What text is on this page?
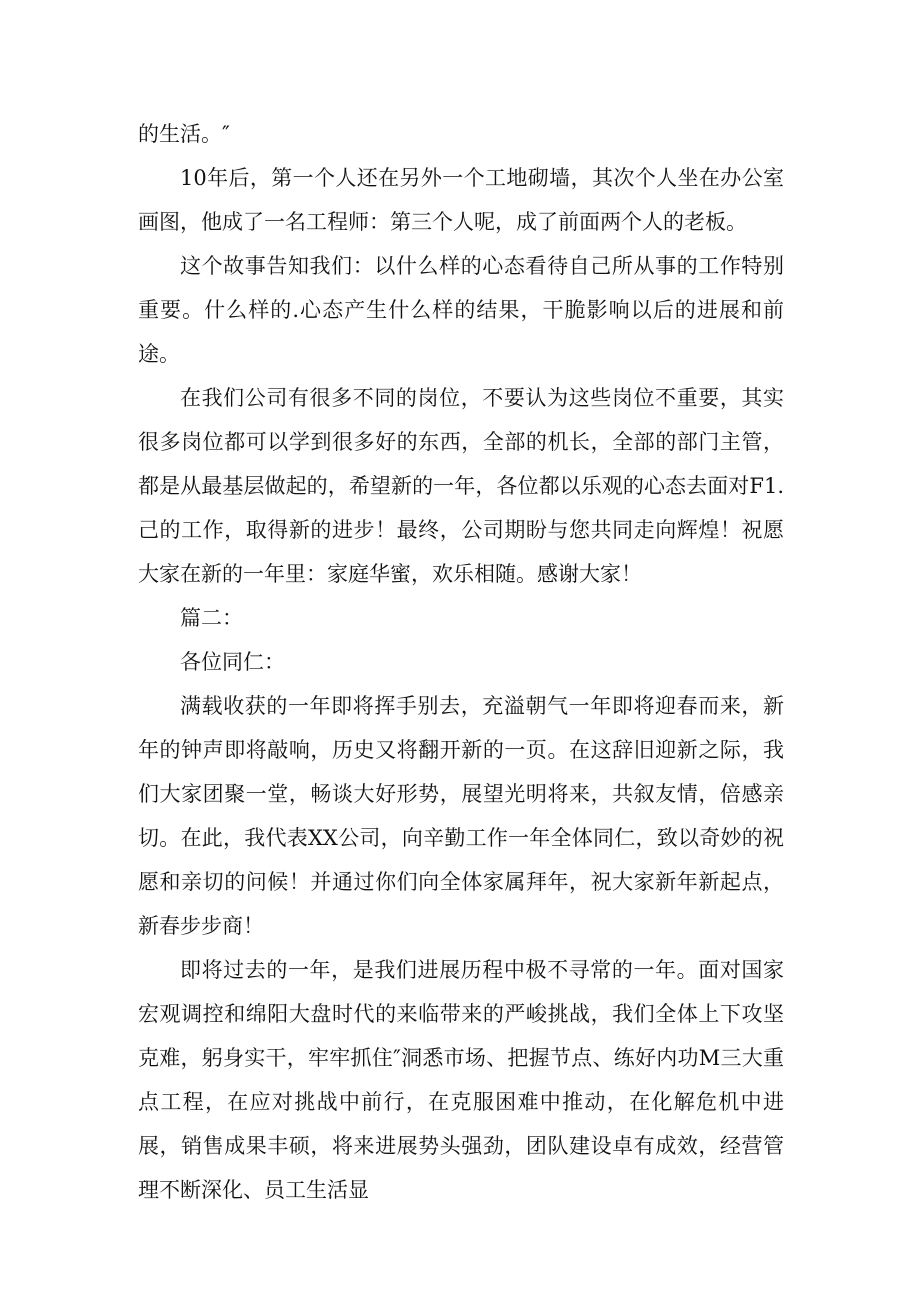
的生活。″

10年后，第一个人还在另外一个工地砌墙，其次个人坐在办公室画图，他成了一名工程师：第三个人呢，成了前面两个人的老板。

这个故事告知我们：以什么样的心态看待自己所从事的工作特别重要。什么样的.心态产生什么样的结果，干脆影响以后的进展和前途。

在我们公司有很多不同的岗位，不要认为这些岗位不重要，其实很多岗位都可以学到很多好的东西，全部的机长，全部的部门主管，都是从最基层做起的，希望新的一年，各位都以乐观的心态去面对F1.己的工作，取得新的进步！最终，公司期盼与您共同走向辉煌！祝愿大家在新的一年里：家庭华蜜，欢乐相随。感谢大家！

篇二：

各位同仁：

满载收获的一年即将挥手别去，充溢朝气一年即将迎春而来，新年的钟声即将敲响，历史又将翻开新的一页。在这辞旧迎新之际，我们大家团聚一堂，畅谈大好形势，展望光明将来，共叙友情，倍感亲切。在此，我代表XX公司，向辛勤工作一年全体同仁，致以奇妙的祝愿和亲切的问候！并通过你们向全体家属拜年，祝大家新年新起点，新春步步商！

即将过去的一年，是我们进展历程中极不寻常的一年。面对国家宏观调控和绵阳大盘时代的来临带来的严峻挑战，我们全体上下攻坚克难，躬身实干，牢牢抓住″洞悉市场、把握节点、练好内功M三大重点工程，在应对挑战中前行，在克服困难中推动，在化解危机中进展，销售成果丰硕，将来进展势头强劲，团队建设卓有成效，经营管理不断深化、员工生活显
